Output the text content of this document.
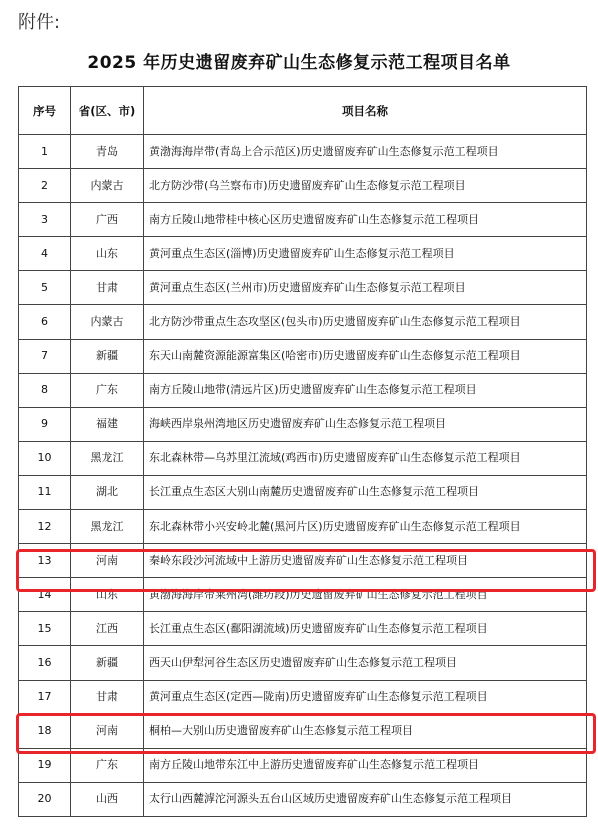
附件:
2025 年历史遗留废弃矿山生态修复示范工程项目名单
序号	省(区、市)	项目名称
1	青岛	黄渤海海岸带(青岛上合示范区)历史遗留废弃矿山生态修复示范工程项目
2	内蒙古	北方防沙带(乌兰察布市)历史遗留废弃矿山生态修复示范工程项目
3	广西	南方丘陵山地带桂中核心区历史遗留废弃矿山生态修复示范工程项目
4	山东	黄河重点生态区(淄博)历史遗留废弃矿山生态修复示范工程项目
5	甘肃	黄河重点生态区(兰州市)历史遗留废弃矿山生态修复示范工程项目
6	内蒙古	北方防沙带重点生态攻坚区(包头市)历史遗留废弃矿山生态修复示范工程项目
7	新疆	东天山南麓资源能源富集区(哈密市)历史遗留废弃矿山生态修复示范工程项目
8	广东	南方丘陵山地带(清远片区)历史遗留废弃矿山生态修复示范工程项目
9	福建	海峡西岸泉州湾地区历史遗留废弃矿山生态修复示范工程项目
10	黑龙江	东北森林带—乌苏里江流域(鸡西市)历史遗留废弃矿山生态修复示范工程项目
11	湖北	长江重点生态区大别山南麓历史遗留废弃矿山生态修复示范工程项目
12	黑龙江	东北森林带小兴安岭北麓(黑河片区)历史遗留废弃矿山生态修复示范工程项目
13	河南	秦岭东段沙河流域中上游历史遗留废弃矿山生态修复示范工程项目
14	山东	黄渤海海岸带莱州湾(潍坊段)历史遗留废弃矿山生态修复示范工程项目
15	江西	长江重点生态区(鄱阳湖流域)历史遗留废弃矿山生态修复示范工程项目
16	新疆	西天山伊犁河谷生态区历史遗留废弃矿山生态修复示范工程项目
17	甘肃	黄河重点生态区(定西—陇南)历史遗留废弃矿山生态修复示范工程项目
18	河南	桐柏—大别山历史遗留废弃矿山生态修复示范工程项目
19	广东	南方丘陵山地带东江中上游历史遗留废弃矿山生态修复示范工程项目
20	山西	太行山西麓滹沱河源头五台山区域历史遗留废弃矿山生态修复示范工程项目
